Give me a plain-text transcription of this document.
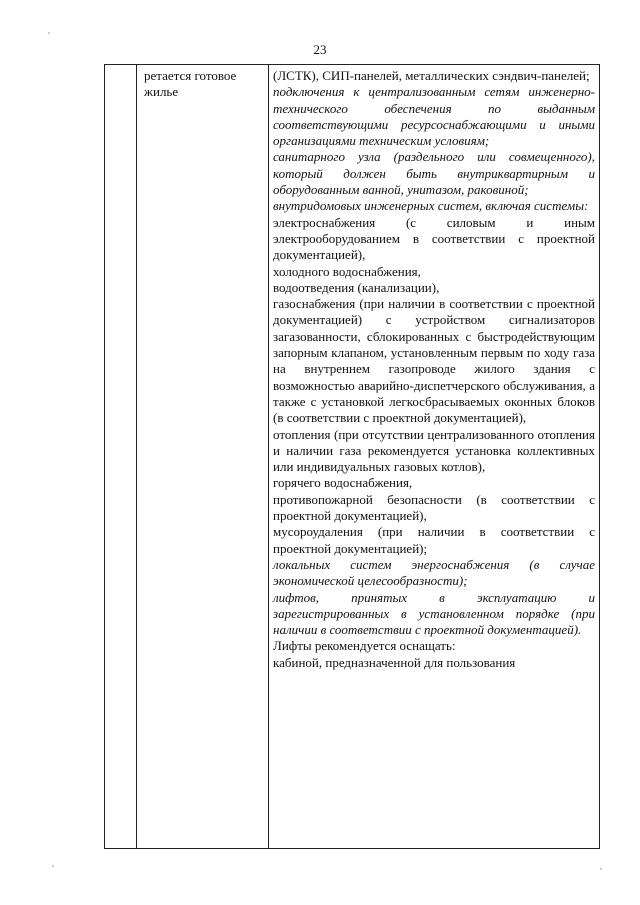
23
ретается готовое жилье

(ЛСТК), СИП-панелей, металлических сэндвич-панелей;

подключения к централизованным сетям инженерно-технического обеспечения по выданным соответствующими ресурсоснабжающими и иными организациями техническим условиям;

санитарного узла (раздельного или совмещенного), который должен быть внутриквартирным и оборудованным ванной, унитазом, раковиной;

внутридомовых инженерных систем, включая системы:

электроснабжения (с силовым и иным электрооборудованием в соответствии с проектной документацией),

холодного водоснабжения,

водоотведения (канализации),

газоснабжения (при наличии в соответствии с проектной документацией) с устройством сигнализаторов загазованности, сблокированных с быстродействующим запорным клапаном, установленным первым по ходу газа на внутреннем газопроводе жилого здания с возможностью аварийно-диспетчерского обслуживания, а также с установкой легкосбрасываемых оконных блоков (в соответствии с проектной документацией),

отопления (при отсутствии централизованного отопления и наличии газа рекомендуется установка коллективных или индивидуальных газовых котлов),

горячего водоснабжения,

противопожарной безопасности (в соответствии с проектной документацией),

мусороудаления (при наличии в соответствии с проектной документацией);

локальных систем энергоснабжения (в случае экономической целесообразности);

лифтов, принятых в эксплуатацию и зарегистрированных в установленном порядке (при наличии в соответствии с проектной документацией).

Лифты рекомендуется оснащать:

кабиной, предназначенной для пользования
